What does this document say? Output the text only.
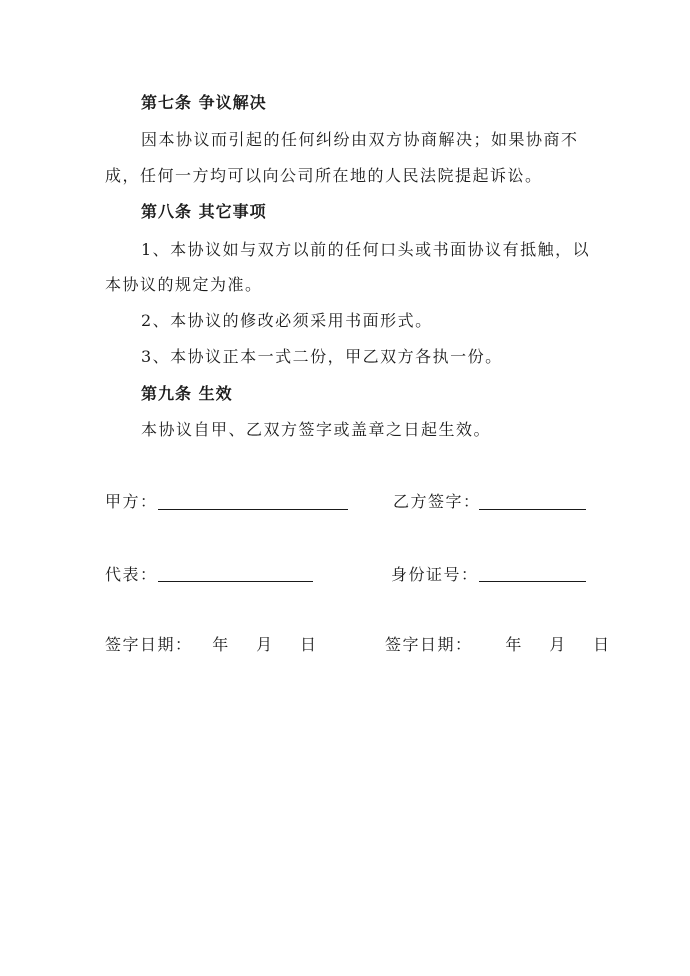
第七条 争议解决
因本协议而引起的任何纠纷由双方协商解决；如果协商不
成，任何一方均可以向公司所在地的人民法院提起诉讼。
第八条 其它事项
1、本协议如与双方以前的任何口头或书面协议有抵触，以
本协议的规定为准。
2、本协议的修改必须采用书面形式。
3、本协议正本一式二份，甲乙双方各执一份。
第九条 生效
本协议自甲、乙双方签字或盖章之日起生效。
甲方：	乙方签字：
代表：	身份证号：
签字日期：   年    月    日	签字日期：     年    月    日
